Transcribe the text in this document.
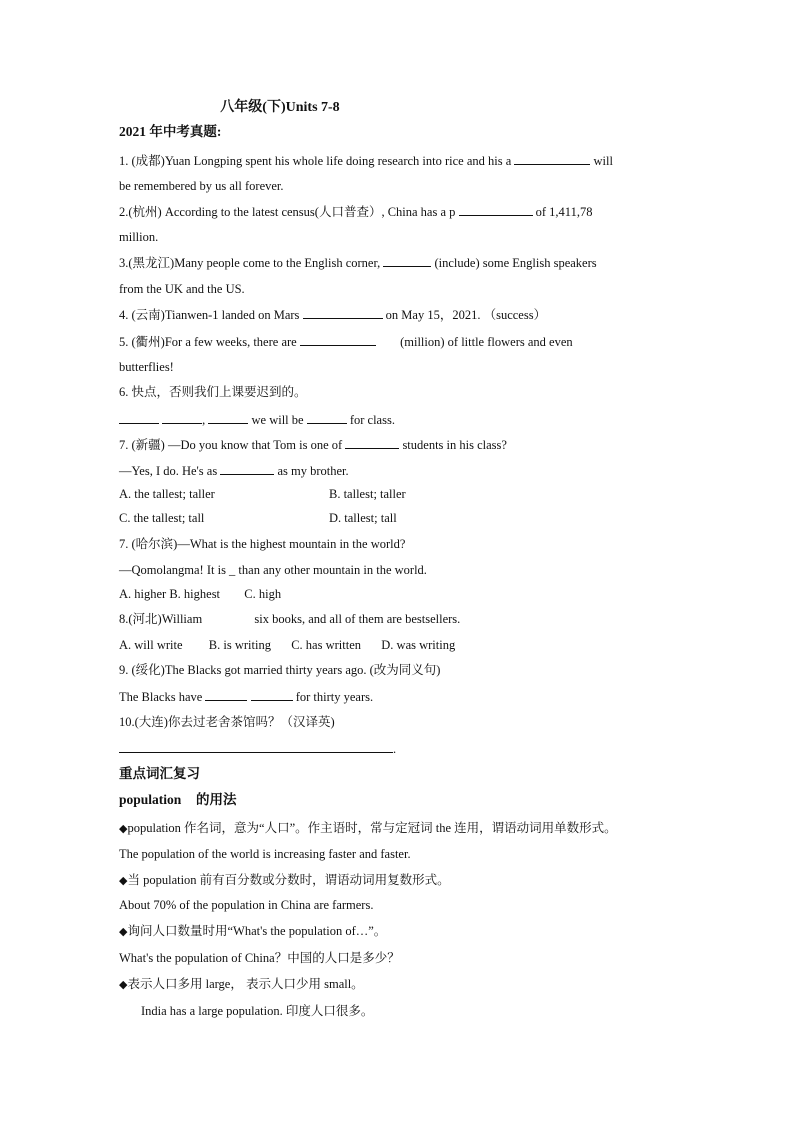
八年级(下)Units 7-8
2021 年中考真题:
1. (成都)Yuan Longping spent his whole life doing research into rice and his a	will
be remembered by us all forever.
2.(杭州) According to the latest census(人口普查）, China has a p	of 1,411,78
million.
3.(黑龙江)Many people come to the English corner,	(include) some English speakers
from the UK and the US.
4. (云南)Tianwen-1 landed on Mars	on May 15，2021. （success）
5. (衢州)For a few weeks, there are	(million) of little flowers and even
butterflies!
6. 快点，否则我们上课要迟到的。
,	we will be	for class.
7. (新疆) —Do you know that Tom is one of	students in his class?
—Yes, I do. He's as	as my brother.
A. the tallest; taller	B. tallest; taller
C. the tallest; tall	D. tallest; tall
7. (哈尔滨)—What is the highest mountain in the world?
—Qomolangma! It is _ than any other mountain in the world.
A. higher B. highest C. high
8.(河北)William	six books, and all of them are bestsellers.
A. will write B. is writing C. has written D. was writing
9. (绥化)The Blacks got married thirty years ago. (改为同义句)
The Blacks have	for thirty years.
10.(大连)你去过老舍茶馆吗？（汉译英)
.
重点词汇复习
population 的用法
◆population 作名词，意为“人口”。作主语时，常与定冠词 the 连用，谓语动词用单数形式。
The population of the world is increasing faster and faster.
◆当 population 前有百分数或分数时，谓语动词用复数形式。
About 70% of the population in China are farmers.
◆询问人口数量时用“What's the population of…”。
What's the population of China？中国的人口是多少？
◆表示人口多用 large， 表示人口少用 small。
India has a large population. 印度人口很多。
